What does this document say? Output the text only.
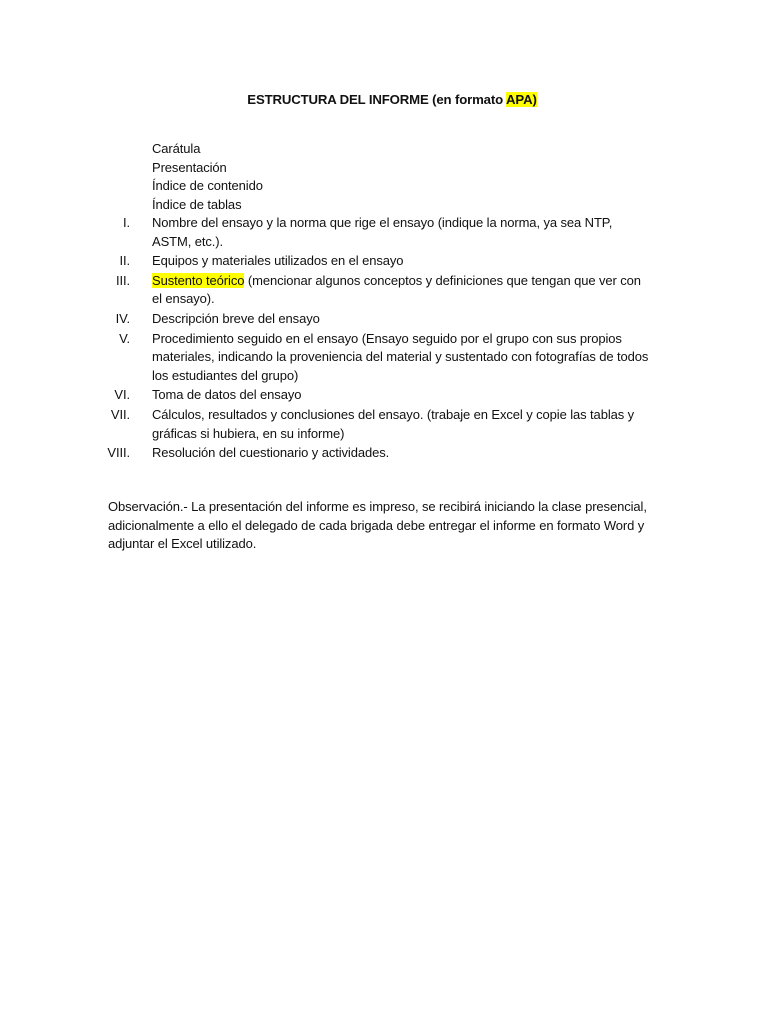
ESTRUCTURA DEL INFORME (en formato APA)
Carátula
Presentación
Índice de contenido
Índice de tablas
I. Nombre del ensayo y la norma que rige el ensayo (indique la norma, ya sea NTP, ASTM, etc.).
II. Equipos y materiales utilizados en el ensayo
III. Sustento teórico (mencionar algunos conceptos y definiciones que tengan que ver con el ensayo).
IV. Descripción breve del ensayo
V. Procedimiento seguido en el ensayo (Ensayo seguido por el grupo con sus propios materiales, indicando la proveniencia del material y sustentado con fotografías de todos los estudiantes del grupo)
VI. Toma de datos del ensayo
VII. Cálculos, resultados y conclusiones del ensayo. (trabaje en Excel y copie las tablas y gráficas si hubiera, en su informe)
VIII. Resolución del cuestionario y actividades.
Observación.- La presentación del informe es impreso, se recibirá iniciando la clase presencial, adicionalmente a ello el delegado de cada brigada debe entregar el informe en formato Word y adjuntar el Excel utilizado.
